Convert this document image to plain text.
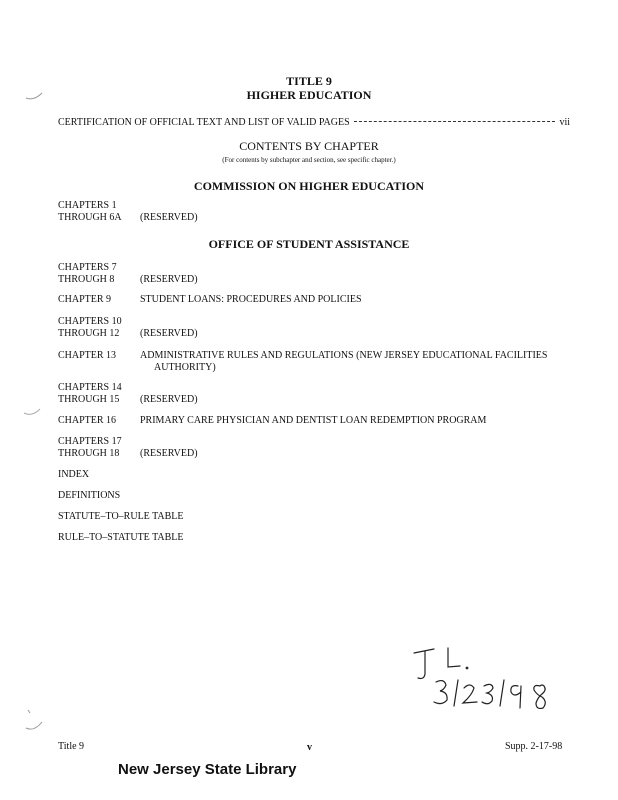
TITLE 9
HIGHER EDUCATION
CERTIFICATION OF OFFICIAL TEXT AND LIST OF VALID PAGES	vii
CONTENTS BY CHAPTER
(For contents by subchapter and section, see specific chapter.)
COMMISSION ON HIGHER EDUCATION
CHAPTERS 1
THROUGH 6A	(RESERVED)
OFFICE OF STUDENT ASSISTANCE
CHAPTERS 7
THROUGH 8	(RESERVED)
CHAPTER 9	STUDENT LOANS: PROCEDURES AND POLICIES
CHAPTERS 10
THROUGH 12	(RESERVED)
CHAPTER 13	ADMINISTRATIVE RULES AND REGULATIONS (NEW JERSEY EDUCATIONAL FACILITIES
AUTHORITY)
CHAPTERS 14
THROUGH 15	(RESERVED)
CHAPTER 16	PRIMARY CARE PHYSICIAN AND DENTIST LOAN REDEMPTION PROGRAM
CHAPTERS 17
THROUGH 18	(RESERVED)
INDEX
DEFINITIONS
STATUTE–TO–RULE TABLE
RULE–TO–STATUTE TABLE
Title 9	v	Supp. 2-17-98
New Jersey State Library
